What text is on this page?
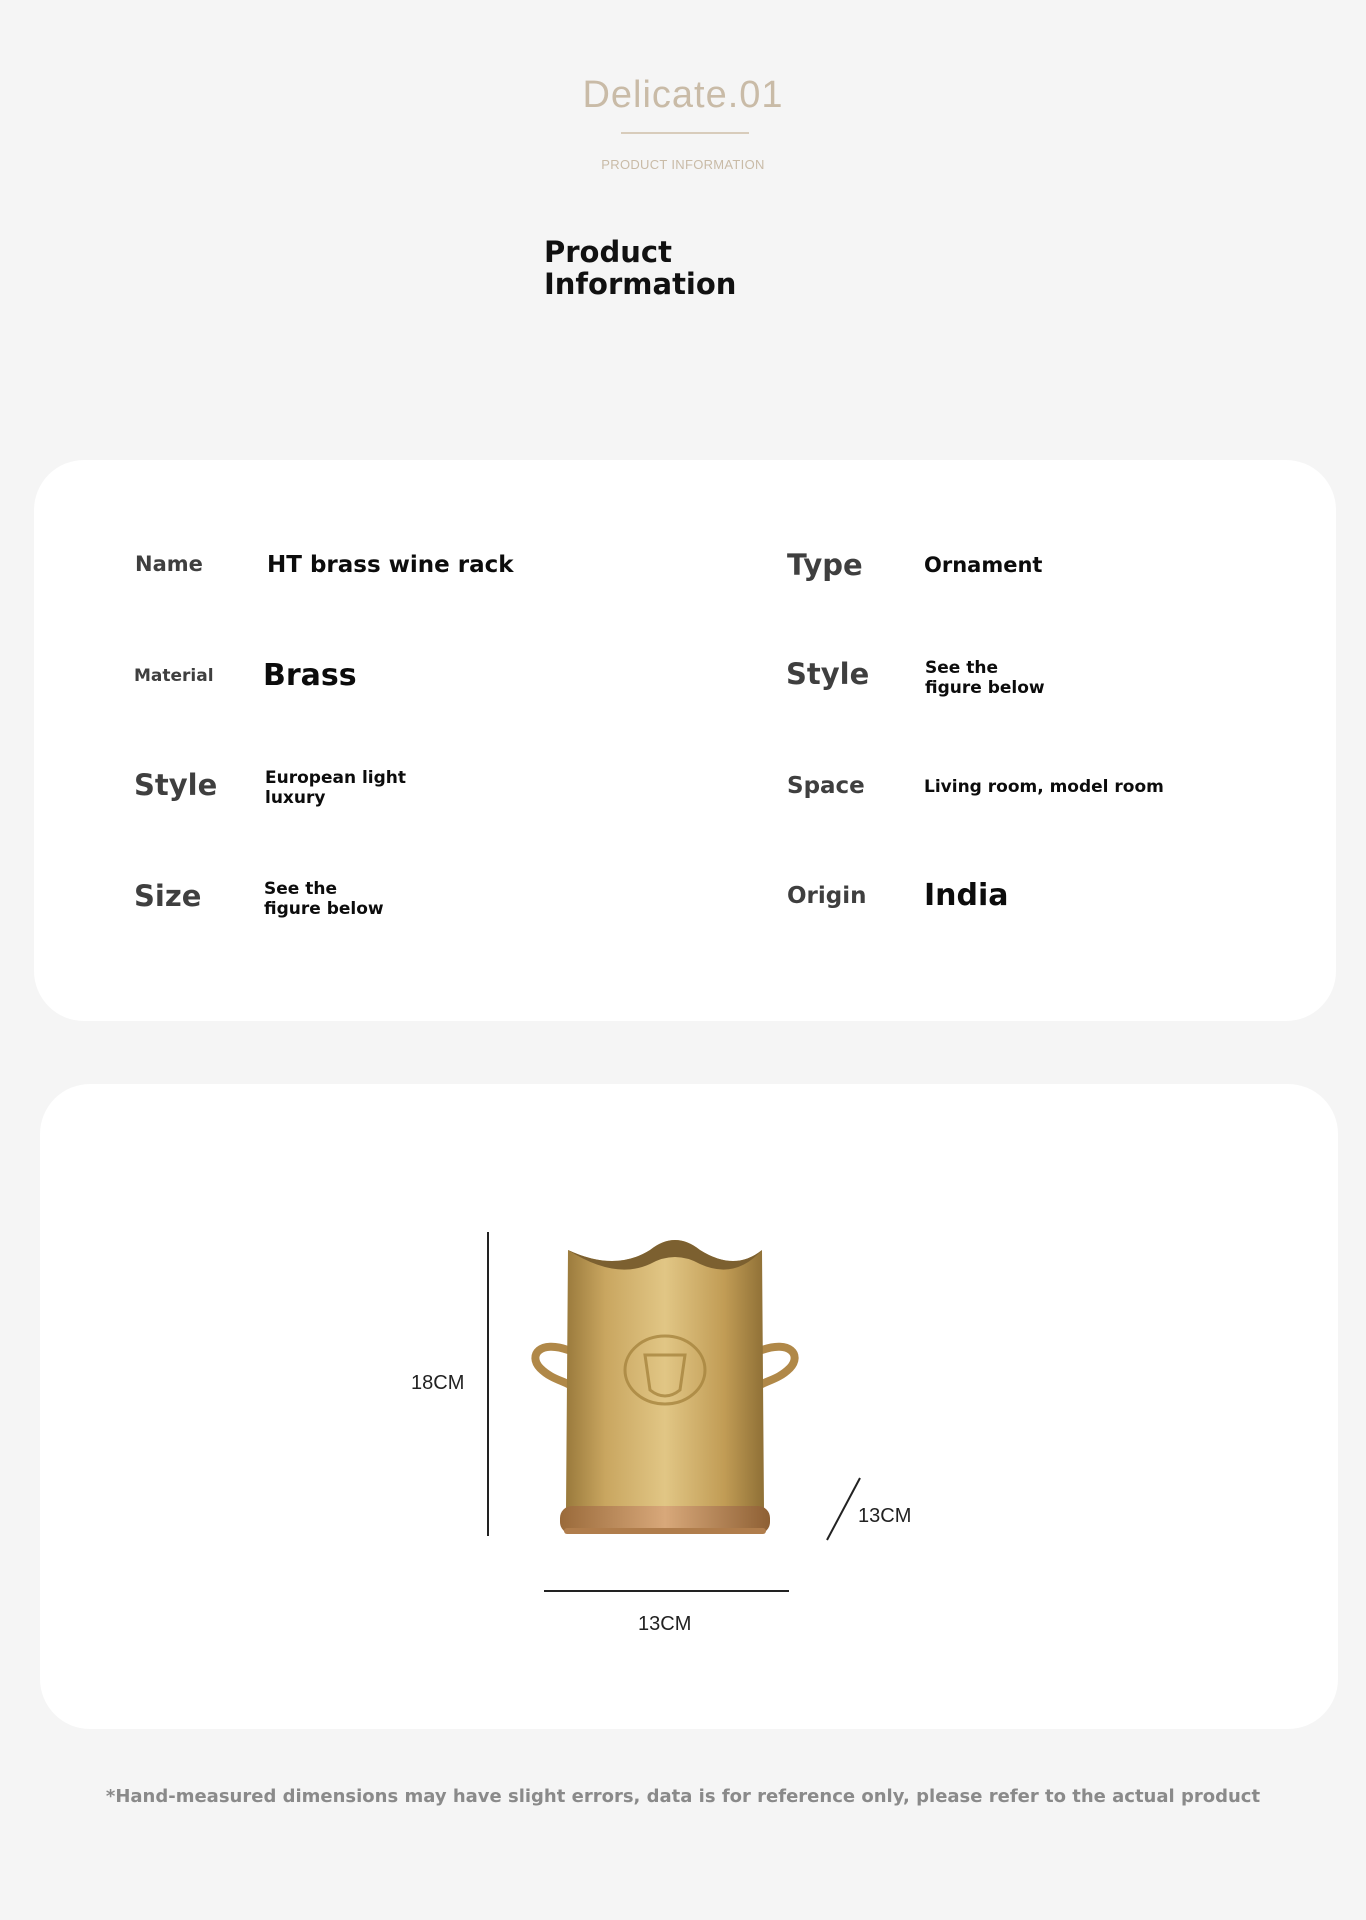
Delicate.01
PRODUCT INFORMATION
Product Information
Name	HT brass wine rack	Type	Ornament
Material Brass	Style	See the figure below
Style	European light luxury	Space	Living room, model room
Size	See the figure below	Origin India
18CM
13CM
13CM
*Hand-measured dimensions may have slight errors, data is for reference only, please refer to the actual product
